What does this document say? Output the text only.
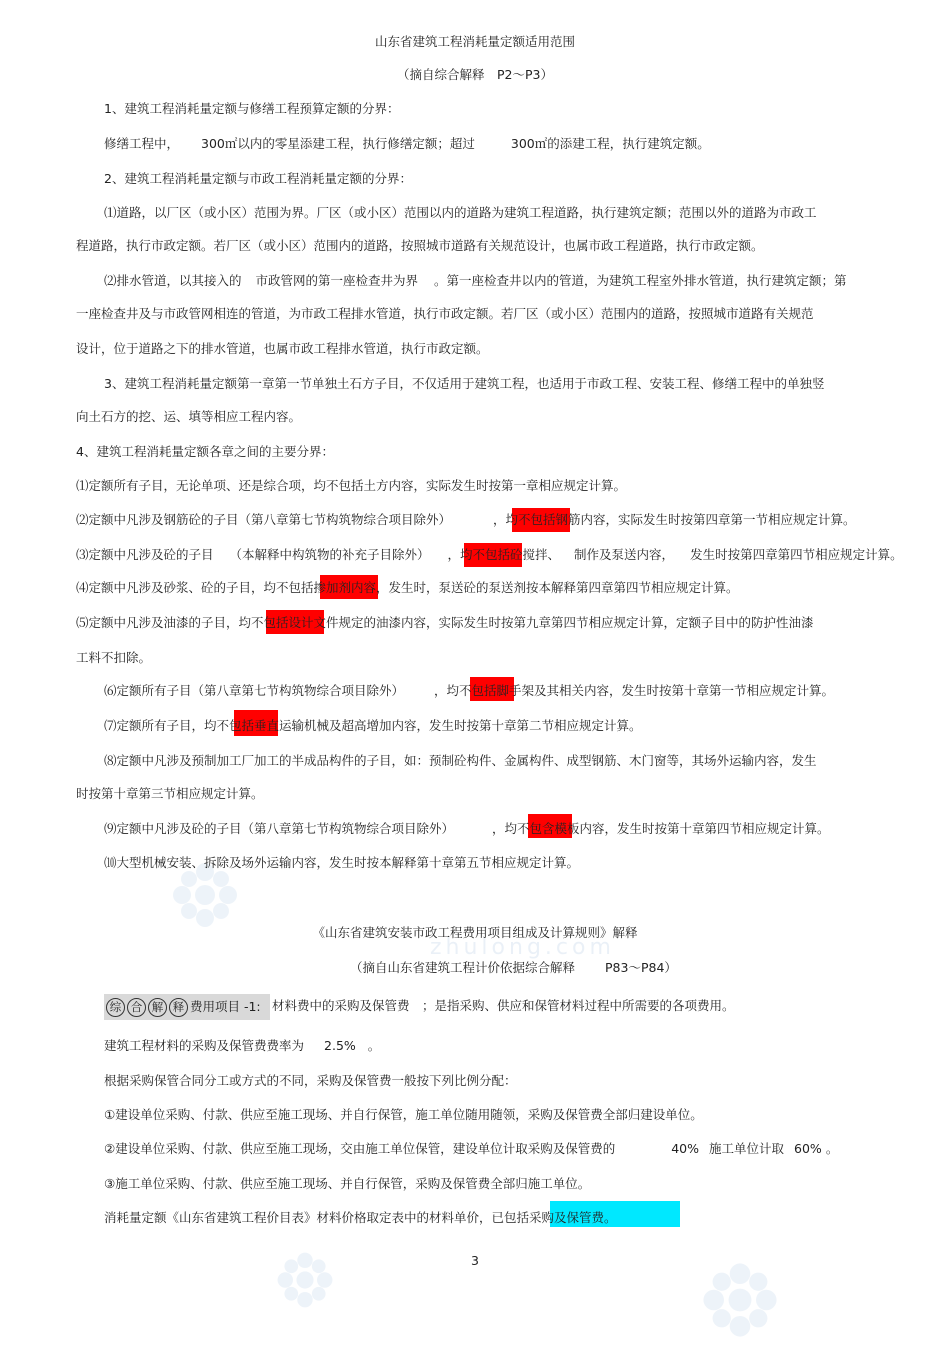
zhulong.com
山东省建筑工程消耗量定额适用范围
（摘自综合解释　P2～P3）
1、建筑工程消耗量定额与修缮工程预算定额的分界：
修缮工程中， 300㎡以内的零星添建工程，执行修缮定额；超过	300㎡的添建工程，执行建筑定额。
2、建筑工程消耗量定额与市政工程消耗量定额的分界：
⑴道路，以厂区（或小区）范围为界。厂区（或小区）范围以内的道路为建筑工程道路，执行建筑定额；范围以外的道路为市政工
程道路，执行市政定额。若厂区（或小区）范围内的道路，按照城市道路有关规范设计，也属市政工程道路，执行市政定额。
⑵排水管道，以其接入的 市政管网的第一座检查井为界 。第一座检查井以内的管道，为建筑工程室外排水管道，执行建筑定额；第
一座检查井及与市政管网相连的管道，为市政工程排水管道，执行市政定额。若厂区（或小区）范围内的道路，按照城市道路有关规范
设计，位于道路之下的排水管道，也属市政工程排水管道，执行市政定额。
3、建筑工程消耗量定额第一章第一节单独土石方子目，不仅适用于建筑工程，也适用于市政工程、安装工程、修缮工程中的单独竖
向土石方的挖、运、填等相应工程内容。
4、建筑工程消耗量定额各章之间的主要分界：
⑴定额所有子目，无论单项、还是综合项，均不包括土方内容，实际发生时按第一章相应规定计算。
⑵定额中凡涉及钢筋砼的子目（第八章第七节构筑物综合项目除外）	，均不包括钢筋内容，实际发生时按第四章第一节相应规定计算。
⑶定额中凡涉及砼的子目 （本解释中构筑物的补充子目除外） ，均不包括砼搅拌、 制作及泵送内容， 发生时按第四章第四节相应规定计算。
⑷定额中凡涉及砂浆、砼的子目，均不包括掺加剂内容，发生时，泵送砼的泵送剂按本解释第四章第四节相应规定计算。
⑸定额中凡涉及油漆的子目，均不包括设计文件规定的油漆内容，实际发生时按第九章第四节相应规定计算，定额子目中的防护性油漆
工料不扣除。
⑹定额所有子目（第八章第七节构筑物综合项目除外） ，均不包括脚手架及其相关内容，发生时按第十章第一节相应规定计算。
⑺定额所有子目，均不包括垂直运输机械及超高增加内容，发生时按第十章第二节相应规定计算。
⑻定额中凡涉及预制加工厂加工的半成品构件的子目，如：预制砼构件、金属构件、成型钢筋、木门窗等，其场外运输内容，发生
时按第十章第三节相应规定计算。
⑼定额中凡涉及砼的子目（第八章第七节构筑物综合项目除外）	，均不包含模板内容，发生时按第十章第四节相应规定计算。
⑽大型机械安装、拆除及场外运输内容，发生时按本解释第十章第五节相应规定计算。
《山东省建筑安装市政工程费用项目组成及计算规则》解释
（摘自山东省建筑工程计价依据综合解释 P83～P84）
综 合 解 释 费用项目 -1: 材料费中的采购及保管费　；是指采购、供应和保管材料过程中所需要的各项费用。
建筑工程材料的采购及保管费费率为 2.5% 。
根据采购保管合同分工或方式的不同，采购及保管费一般按下列比例分配：
①建设单位采购、付款、供应至施工现场、并自行保管，施工单位随用随领，采购及保管费全部归建设单位。
②建设单位采购、付款、供应至施工现场，交由施工单位保管，建设单位计取采购及保管费的	40% 施工单位计取 60% 。
③施工单位采购、付款、供应至施工现场、并自行保管，采购及保管费全部归施工单位。
消耗量定额《山东省建筑工程价目表》材料价格取定表中的材料单价，已包括采购及保管费。
3
